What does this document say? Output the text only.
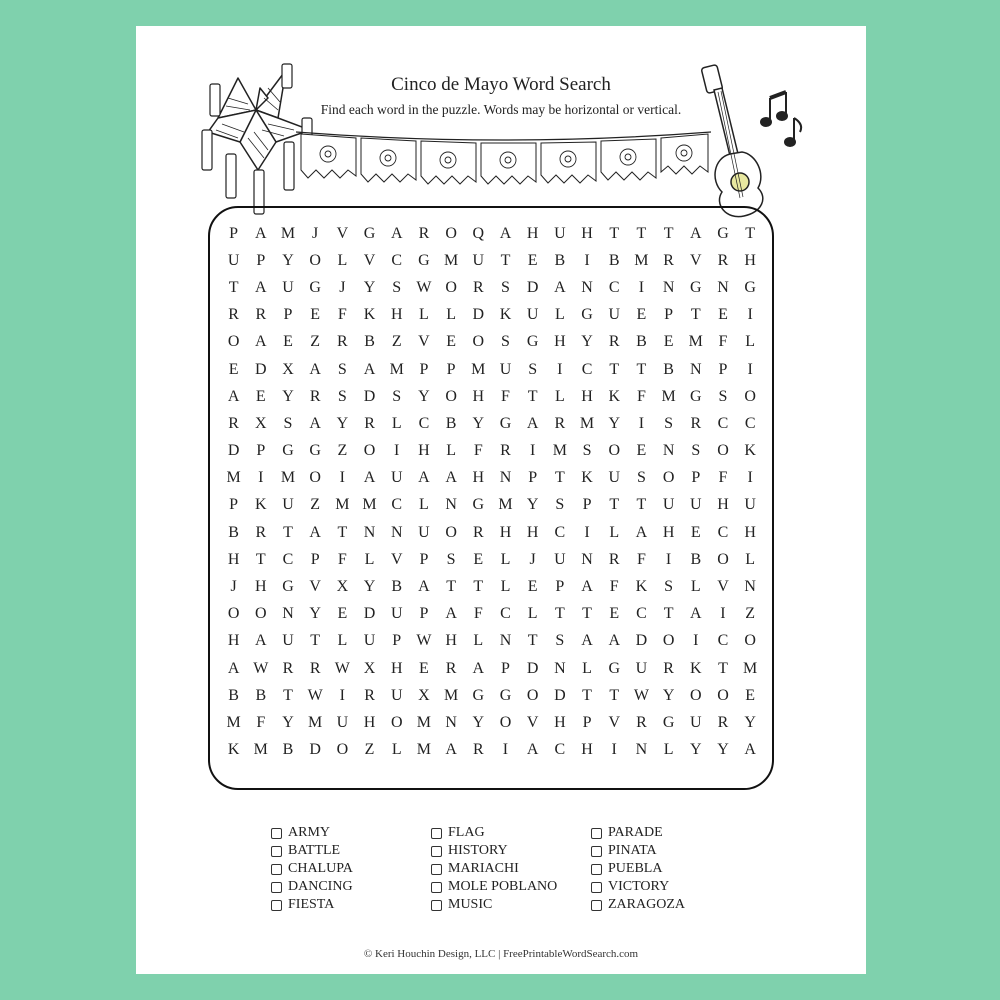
Cinco de Mayo Word Search
Find each word in the puzzle. Words may be horizontal or vertical.
P	A M	J	V G A	R	O Q A H U H	T	T	T	A G	T
U	P	Y O	L	V	C	G M U	T	E	B	I	B M R	V	R	H
T	A U G	J	Y	S W O	R	S	D A N	C	I	N G N G
R	R	P	E	F	K H	L	L	D K U	L	G U	E	P	T	E	I
O A	E	Z	R	B	Z	V	E	O	S	G H Y	R	B	E M F	L
E	D X A	S	A M P	P M U	S	I	C	T	T	B	N	P	I
A	E	Y	R	S	D	S	Y O H	F	T	L	H K	F M G	S	O
R	X	S	A Y	R	L	C	B	Y G A	R M Y	I	S	R	C	C
D	P	G G	Z	O	I	H	L	F	R	I	M S	O	E	N	S	O K
M	I	M O	I	A U A A H N	P	T	K U	S	O	P	F	I
P	K U	Z M M C	L	N G M Y	S	P	T	T	U U H U
B	R	T	A	T	N N U O	R	H H	C	I	L	A H	E	C	H
H	T	C	P	F	L	V	P	S	E	L	J	U N	R	F	I	B	O	L
J	H G V X Y	B	A	T	T	L	E	P	A	F	K	S	L	V N
O O N Y	E	D U	P	A	F	C	L	T	T	E	C	T	A	I	Z
H A U	T	L	U	P W H	L	N	T	S	A A D O	I	C	O
A W R	R W X H	E	R	A	P	D N	L	G U	R	K	T M
B	B	T W	I	R	U X M G G O D	T	T W Y O O	E
M F	Y M U H O M N Y O V H	P	V	R	G U	R	Y
K M B	D O	Z	L M A	R	I	A	C	H	I	N	L	Y Y A
ARMY
BATTLE
CHALUPA
DANCING
FIESTA
FLAG
HISTORY
MARIACHI
MOLE POBLANO
MUSIC
PARADE
PINATA
PUEBLA
VICTORY
ZARAGOZA
© Keri Houchin Design, LLC | FreePrintableWordSearch.com
